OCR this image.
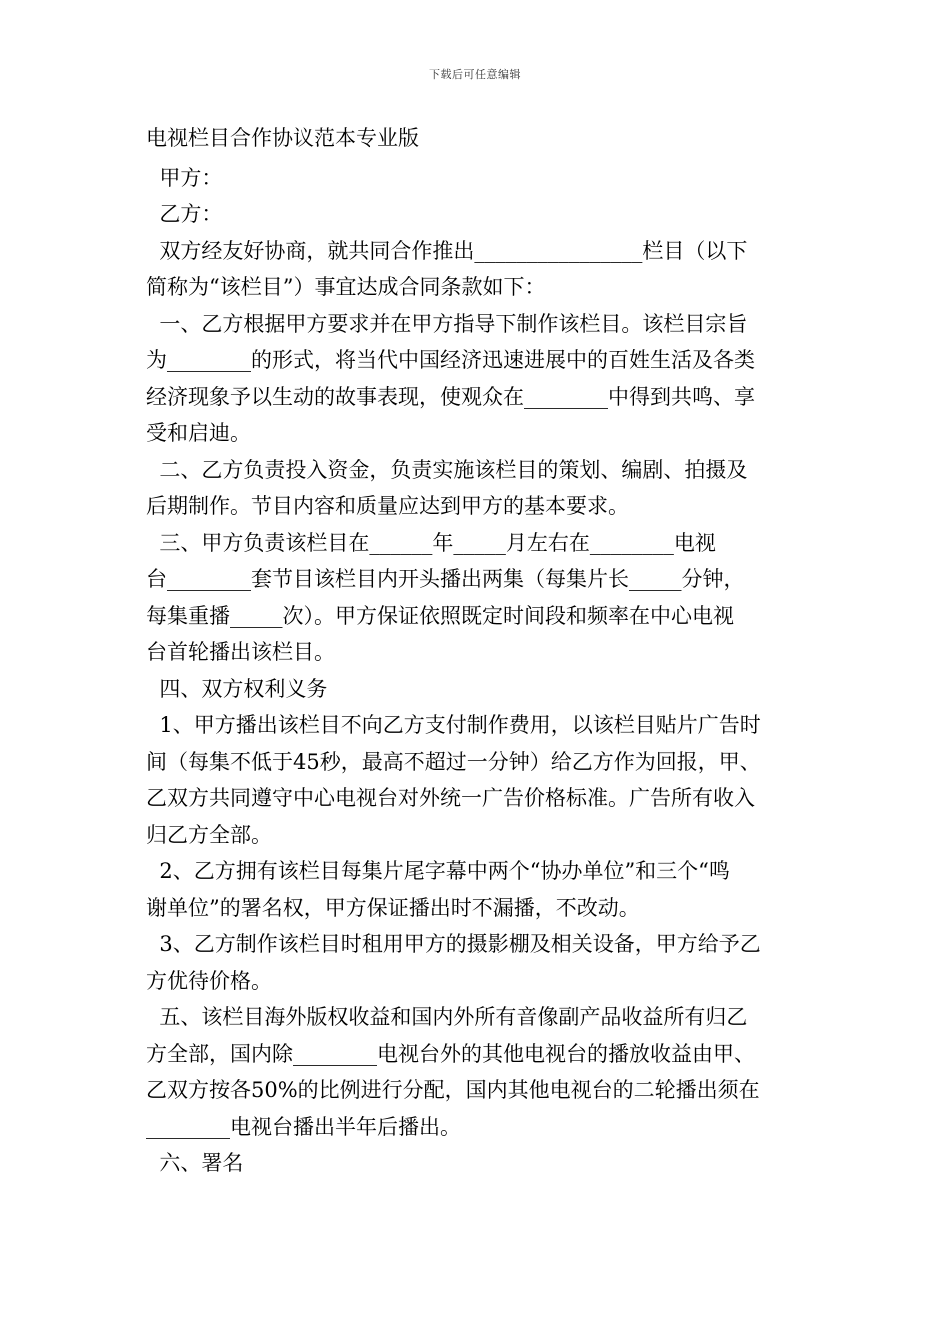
下载后可任意编辑
电视栏目合作协议范本专业版
甲方：
乙方：
双方经友好协商，就共同合作推出________________栏目（以下
简称为“该栏目”）事宜达成合同条款如下：
一、乙方根据甲方要求并在甲方指导下制作该栏目。该栏目宗旨
为________的形式，将当代中国经济迅速进展中的百姓生活及各类
经济现象予以生动的故事表现，使观众在________中得到共鸣、享
受和启迪。
二、乙方负责投入资金，负责实施该栏目的策划、编剧、拍摄及
后期制作。节目内容和质量应达到甲方的基本要求。
三、甲方负责该栏目在______年_____月左右在________电视
台________套节目该栏目内开头播出两集（每集片长_____分钟，
每集重播_____次）。甲方保证依照既定时间段和频率在中心电视
台首轮播出该栏目。
四、双方权利义务
1、甲方播出该栏目不向乙方支付制作费用，以该栏目贴片广告时
间（每集不低于45秒，最高不超过一分钟）给乙方作为回报，甲、
乙双方共同遵守中心电视台对外统一广告价格标准。广告所有收入
归乙方全部。
2、乙方拥有该栏目每集片尾字幕中两个“协办单位”和三个“鸣
谢单位”的署名权，甲方保证播出时不漏播，不改动。
3、乙方制作该栏目时租用甲方的摄影棚及相关设备，甲方给予乙
方优待价格。
五、该栏目海外版权收益和国内外所有音像副产品收益所有归乙
方全部，国内除________电视台外的其他电视台的播放收益由甲、
乙双方按各50%的比例进行分配，国内其他电视台的二轮播出须在
________电视台播出半年后播出。
六、署名
